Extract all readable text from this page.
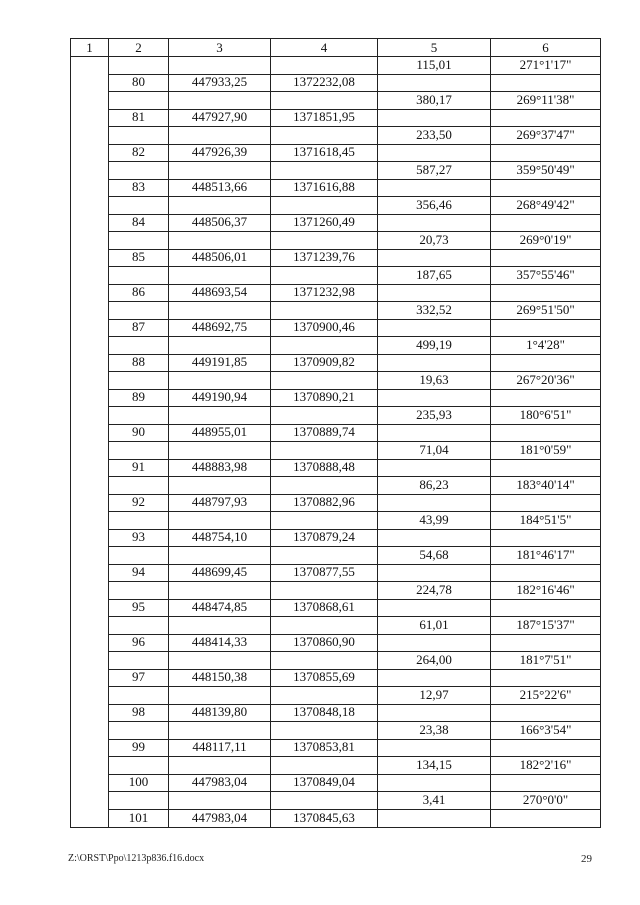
1	2	3	4	5	6
115,01	271°1'17"
80	447933,25	1372232,08
380,17	269°11'38"
81	447927,90	1371851,95
233,50	269°37'47"
82	447926,39	1371618,45
587,27	359°50'49"
83	448513,66	1371616,88
356,46	268°49'42"
84	448506,37	1371260,49
20,73	269°0'19"
85	448506,01	1371239,76
187,65	357°55'46"
86	448693,54	1371232,98
332,52	269°51'50"
87	448692,75	1370900,46
499,19	1°4'28"
88	449191,85	1370909,82
19,63	267°20'36"
89	449190,94	1370890,21
235,93	180°6'51"
90	448955,01	1370889,74
71,04	181°0'59"
91	448883,98	1370888,48
86,23	183°40'14"
92	448797,93	1370882,96
43,99	184°51'5"
93	448754,10	1370879,24
54,68	181°46'17"
94	448699,45	1370877,55
224,78	182°16'46"
95	448474,85	1370868,61
61,01	187°15'37"
96	448414,33	1370860,90
264,00	181°7'51"
97	448150,38	1370855,69
12,97	215°22'6"
98	448139,80	1370848,18
23,38	166°3'54"
99	448117,11	1370853,81
134,15	182°2'16"
100	447983,04	1370849,04
3,41	270°0'0"
101	447983,04	1370845,63
Z:\ORST\Ppo\1213p836.f16.docx	29
